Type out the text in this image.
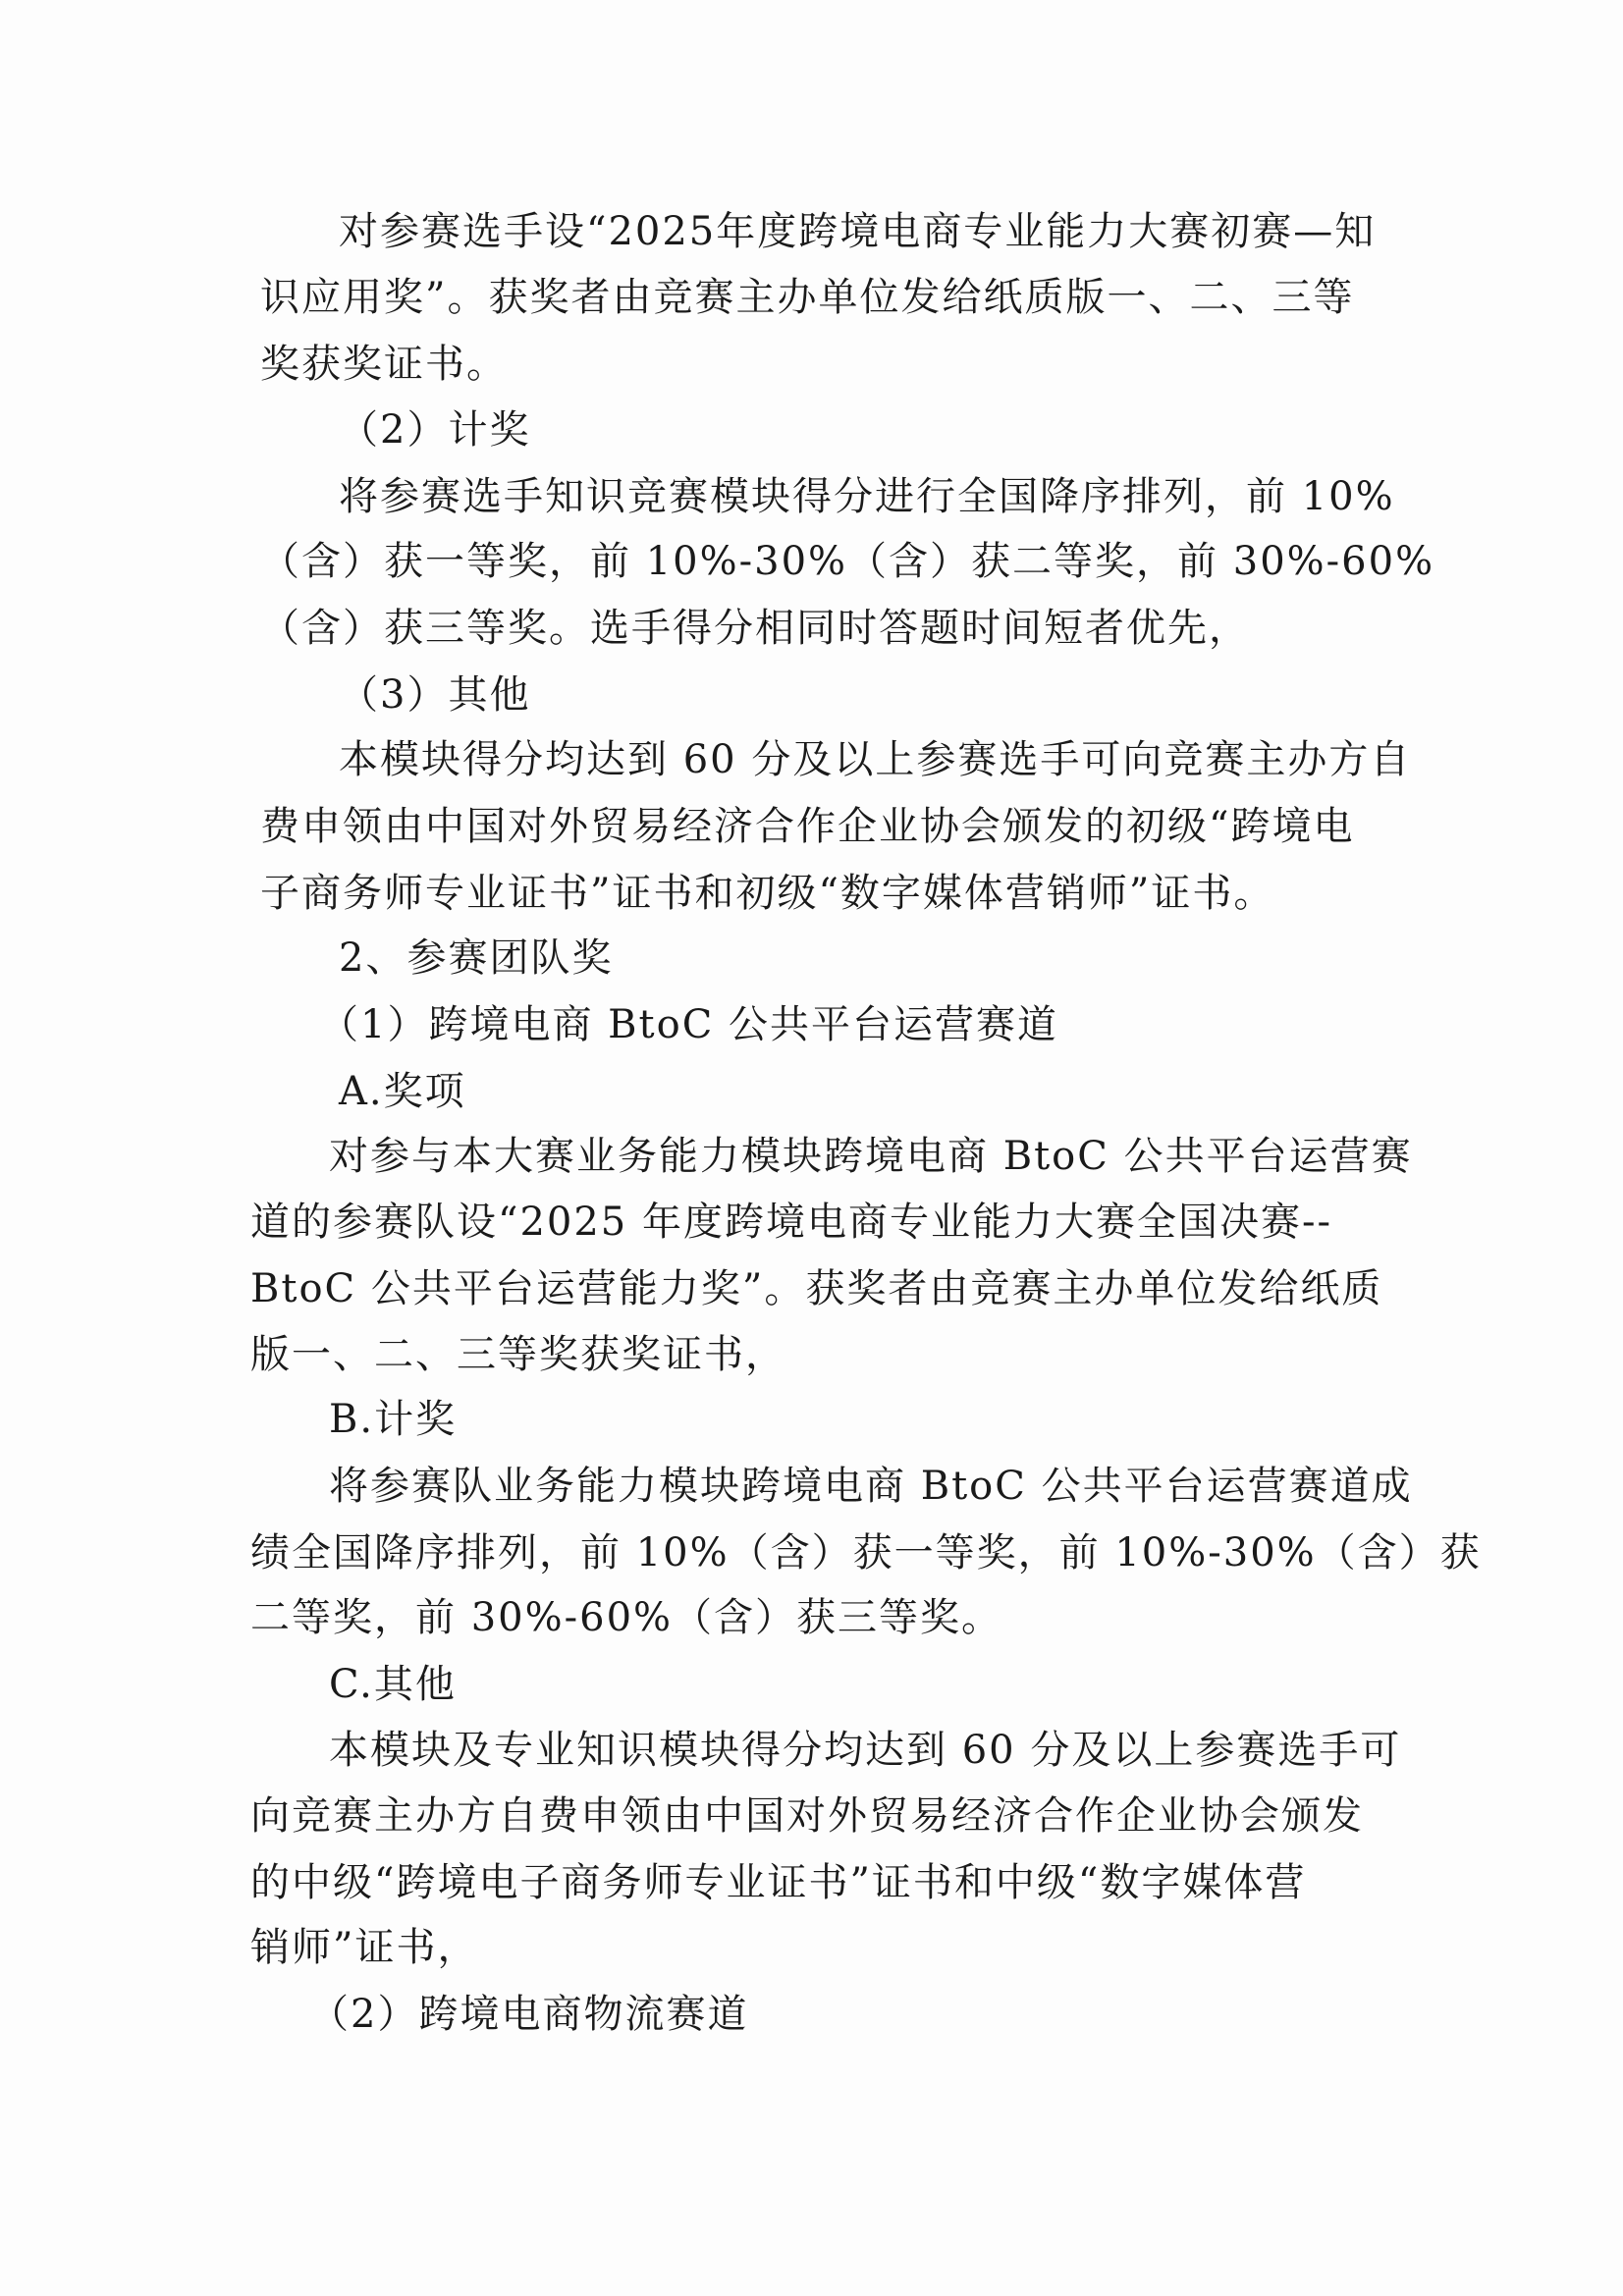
对参赛选手设“2025年度跨境电商专业能力大赛初赛—知
识应用奖”。获奖者由竞赛主办单位发给纸质版一、二、三等
奖获奖证书。
（2）计奖
将参赛选手知识竞赛模块得分进行全国降序排列，前 10%
（含）获一等奖，前 10%-30%（含）获二等奖，前 30%-60%
（含）获三等奖。选手得分相同时答题时间短者优先，
（3）其他
本模块得分均达到 60 分及以上参赛选手可向竞赛主办方自
费申领由中国对外贸易经济合作企业协会颁发的初级“跨境电
子商务师专业证书”证书和初级“数字媒体营销师”证书。
2、参赛团队奖
（1）跨境电商 BtoC 公共平台运营赛道
A.奖项
对参与本大赛业务能力模块跨境电商 BtoC 公共平台运营赛
道的参赛队设“2025 年度跨境电商专业能力大赛全国决赛--
BtoC 公共平台运营能力奖”。获奖者由竞赛主办单位发给纸质
版一、二、三等奖获奖证书，
B.计奖
将参赛队业务能力模块跨境电商 BtoC 公共平台运营赛道成
绩全国降序排列，前 10%（含）获一等奖，前 10%-30%（含）获
二等奖，前 30%-60%（含）获三等奖。
C.其他
本模块及专业知识模块得分均达到 60 分及以上参赛选手可
向竞赛主办方自费申领由中国对外贸易经济合作企业协会颁发
的中级“跨境电子商务师专业证书”证书和中级“数字媒体营
销师”证书，
（2）跨境电商物流赛道
